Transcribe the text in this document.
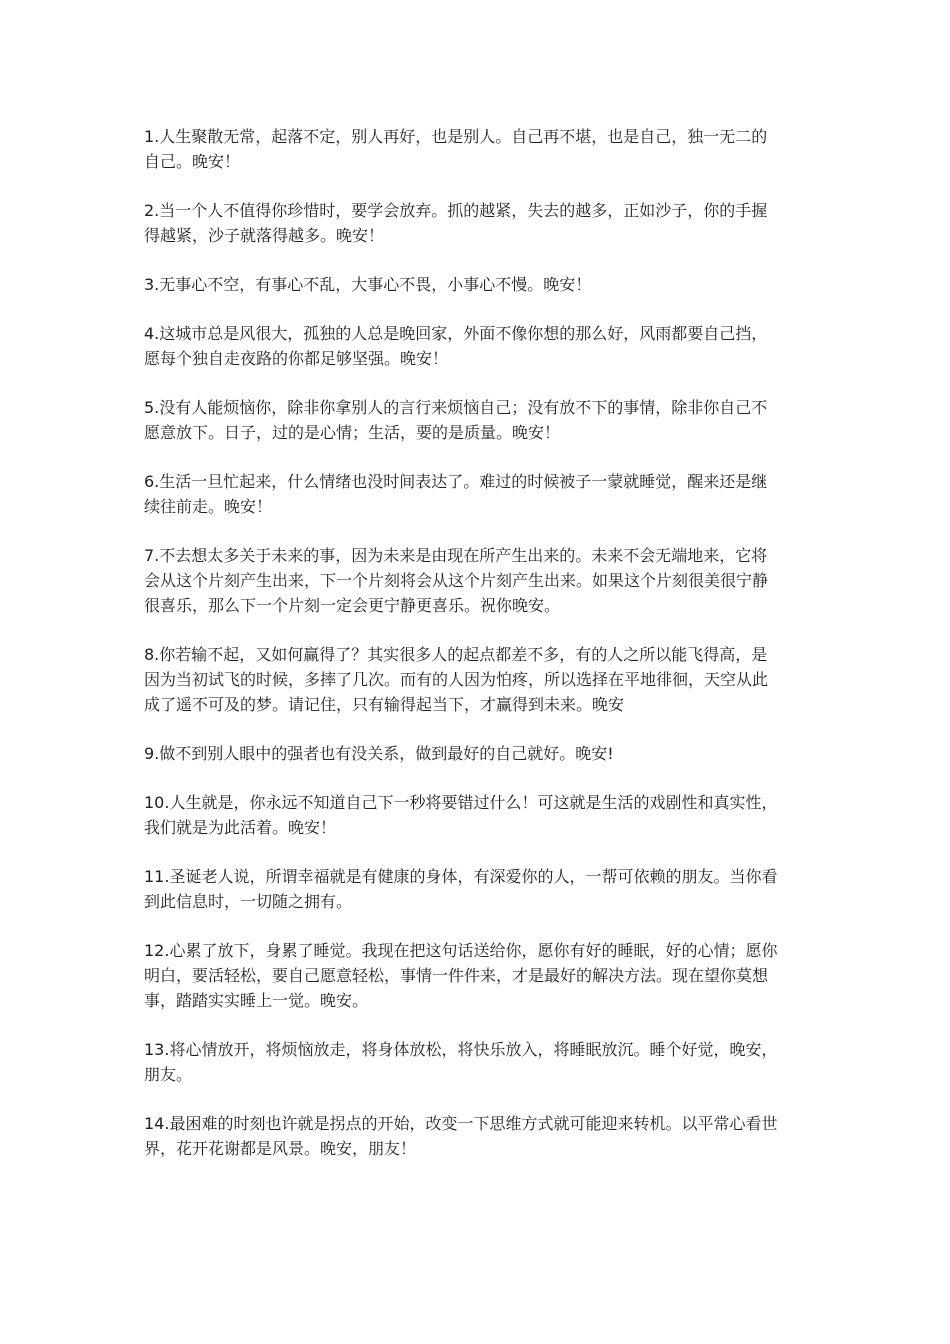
1.人生聚散无常，起落不定，别人再好，也是别人。自己再不堪，也是自己，独一无二的
自己。晚安！

2.当一个人不值得你珍惜时，要学会放弃。抓的越紧，失去的越多，正如沙子，你的手握
得越紧，沙子就落得越多。晚安！

3.无事心不空，有事心不乱，大事心不畏，小事心不慢。晚安！

4.这城市总是风很大，孤独的人总是晚回家，外面不像你想的那么好，风雨都要自己挡，
愿每个独自走夜路的你都足够坚强。晚安！

5.没有人能烦恼你，除非你拿别人的言行来烦恼自己；没有放不下的事情，除非你自己不
愿意放下。日子，过的是心情；生活，要的是质量。晚安！

6.生活一旦忙起来，什么情绪也没时间表达了。难过的时候被子一蒙就睡觉，醒来还是继
续往前走。晚安！

7.不去想太多关于未来的事，因为未来是由现在所产生出来的。未来不会无端地来，它将
会从这个片刻产生出来，下一个片刻将会从这个片刻产生出来。如果这个片刻很美很宁静
很喜乐，那么下一个片刻一定会更宁静更喜乐。祝你晚安。

8.你若输不起，又如何赢得了？其实很多人的起点都差不多，有的人之所以能飞得高，是
因为当初试飞的时候，多摔了几次。而有的人因为怕疼，所以选择在平地徘徊，天空从此
成了遥不可及的梦。请记住，只有输得起当下，才赢得到未来。晚安

9.做不到别人眼中的强者也有没关系，做到最好的自己就好。晚安!

10.人生就是，你永远不知道自己下一秒将要错过什么！可这就是生活的戏剧性和真实性，
我们就是为此活着。晚安！

11.圣诞老人说，所谓幸福就是有健康的身体，有深爱你的人，一帮可依赖的朋友。当你看
到此信息时，一切随之拥有。

12.心累了放下，身累了睡觉。我现在把这句话送给你，愿你有好的睡眠，好的心情；愿你
明白，要活轻松，要自己愿意轻松，事情一件件来，才是最好的解决方法。现在望你莫想
事，踏踏实实睡上一觉。晚安。

13.将心情放开，将烦恼放走，将身体放松，将快乐放入，将睡眠放沉。睡个好觉，晚安，
朋友。

14.最困难的时刻也许就是拐点的开始，改变一下思维方式就可能迎来转机。以平常心看世
界，花开花谢都是风景。晚安，朋友！
